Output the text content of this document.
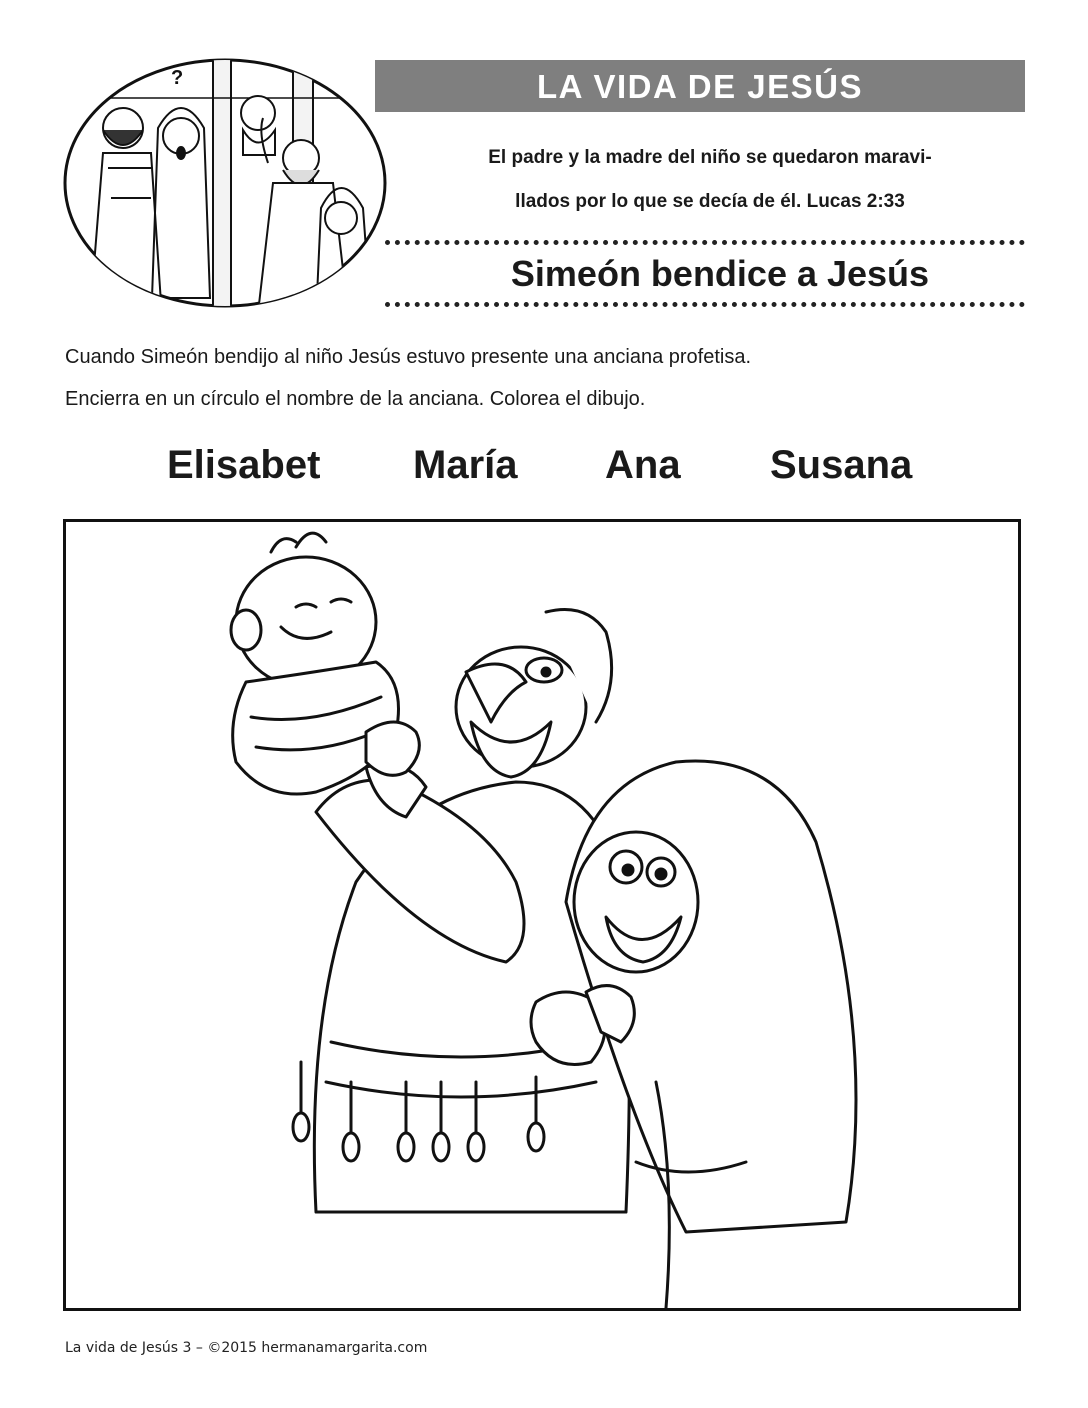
?	LA VIDA DE JESÚS
El padre y la madre del niño se quedaron maravi-
llados por lo que se decía de él. Lucas 2:33
Simeón bendice a Jesús
Cuando Simeón bendijo al niño Jesús estuvo presente una anciana profetisa.
Encierra en un círculo el nombre de la anciana. Colorea el dibujo.
Elisabet María Ana Susana
La vida de Jesús 3 – ©2015 hermanamargarita.com
